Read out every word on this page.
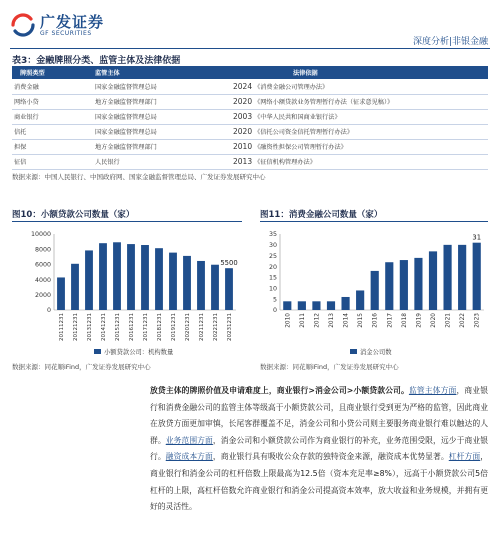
广发证券
GF SECURITIES
深度分析|非银金融
表3：金融牌照分类、监管主体及法律依据
牌照类型	监管主体	法律依据
消费金融	国家金融监督管理总局	2024 《消费金融公司管理办法》
网络小贷	地方金融监督管理部门	2020 《网络小额贷款业务管理暂行办法（征求意见稿）》
商业银行	国家金融监督管理总局	2003 《中华人民共和国商业银行法》
信托	国家金融监督管理总局	2020 《信托公司资金信托管理暂行办法》
担保	地方金融监督管理部门	2010 《融资性担保公司管理暂行办法》
征信	人民银行	2013 《征信机构管理办法》
数据来源：中国人民银行、中国政府网、国家金融监督管理总局、广发证券发展研究中心
图10：小额贷款公司数量（家）	图11：消费金融公司数量（家）
0
2000
4000
6000
8000
10000
20111231 20121231 20131231 20141231 20151231 20161231 20171231 20181231 20191231 20201231 20211231 20221231 20231231
5500
小额贷款公司：机构数量
0
5
10
15
20
25
30
35
2010 2011 2012 2013 2014 2015 2016 2017 2018 2019 2020 2021 2022 2023
31
消金公司数
数据来源：同花顺iFind，广发证券发展研究中心	数据来源：同花顺iFind，广发证券发展研究中心
放贷主体的牌照价值及申请难度上，商业银行>消金公司>小额贷款公司。监管主体方面，商业银行和消费金融公司的监管主体等级高于小额贷款公司，且商业银行受到更为严格的监管，因此商业在放贷方面更加审慎，长尾客群覆盖不足，消金公司和小贷公司则主要服务商业银行难以触达的人群。业务范围方面，消金公司和小额贷款公司作为商业银行的补充，业务范围受限，远少于商业银行。融资成本方面，商业银行具有吸收公众存款的独特资金来源，融资成本优势显著。杠杆方面，商业银行和消金公司的杠杆倍数上限最高为12.5倍（资本充足率≥8%），远高于小额贷款公司5倍杠杆的上限，高杠杆倍数允许商业银行和消金公司提高资本效率，放大收益和业务规模，并拥有更好的灵活性。
